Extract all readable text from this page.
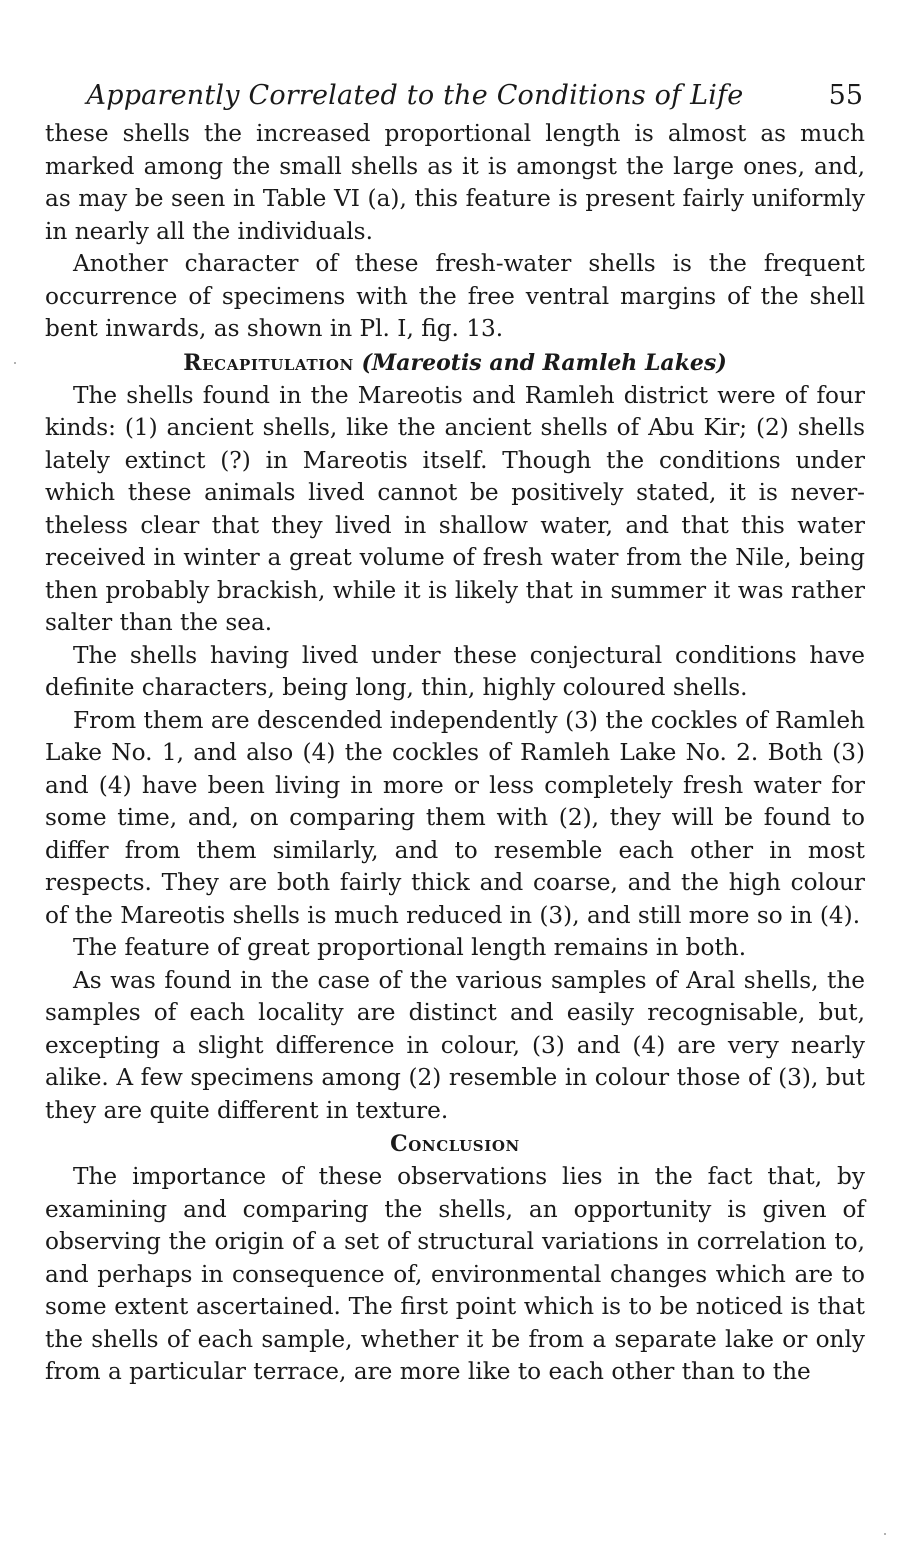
Apparently Correlated to the Conditions of Life	55

these shells the increased proportional length is almost as much marked among the small shells as it is amongst the large ones, and, as may be seen in Table VI (a), this feature is present fairly uniformly in nearly all the individuals.

Another character of these fresh-water shells is the frequent occurrence of specimens with the free ventral margins of the shell bent inwards, as shown in Pl. I, fig. 13.

Recapitulation (Mareotis and Ramleh Lakes)

The shells found in the Mareotis and Ramleh district were of four kinds: (1) ancient shells, like the ancient shells of Abu Kir; (2) shells lately extinct (?) in Mareotis itself. Though the conditions under which these animals lived cannot be positively stated, it is nevertheless clear that they lived in shallow water, and that this water received in winter a great volume of fresh water from the Nile, being then probably brackish, while it is likely that in summer it was rather salter than the sea.

The shells having lived under these conjectural conditions have definite characters, being long, thin, highly coloured shells.

From them are descended independently (3) the cockles of Ramleh Lake No. 1, and also (4) the cockles of Ramleh Lake No. 2. Both (3) and (4) have been living in more or less completely fresh water for some time, and, on comparing them with (2), they will be found to differ from them similarly, and to resemble each other in most respects. They are both fairly thick and coarse, and the high colour of the Mareotis shells is much reduced in (3), and still more so in (4).

The feature of great proportional length remains in both.

As was found in the case of the various samples of Aral shells, the samples of each locality are distinct and easily recognisable, but, excepting a slight difference in colour, (3) and (4) are very nearly alike. A few specimens among (2) resemble in colour those of (3), but they are quite different in texture.

Conclusion

The importance of these observations lies in the fact that, by examining and comparing the shells, an opportunity is given of observing the origin of a set of structural variations in correlation to, and perhaps in consequence of, environmental changes which are to some extent ascertained. The first point which is to be noticed is that the shells of each sample, whether it be from a separate lake or only from a particular terrace, are more like to each other than to the
